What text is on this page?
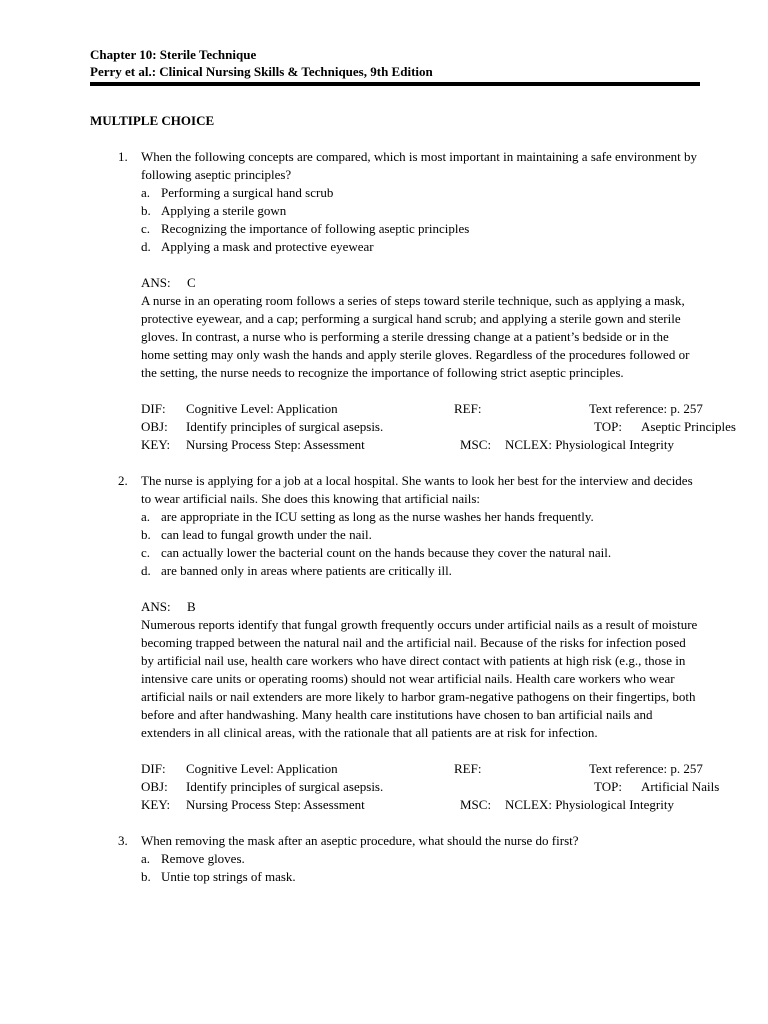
Chapter 10: Sterile Technique
Perry et al.: Clinical Nursing Skills & Techniques, 9th Edition
MULTIPLE CHOICE
1. When the following concepts are compared, which is most important in maintaining a safe environment by following aseptic principles?
a. Performing a surgical hand scrub
b. Applying a sterile gown
c. Recognizing the importance of following aseptic principles
d. Applying a mask and protective eyewear
ANS: C
A nurse in an operating room follows a series of steps toward sterile technique, such as applying a mask, protective eyewear, and a cap; performing a surgical hand scrub; and applying a sterile gown and sterile gloves. In contrast, a nurse who is performing a sterile dressing change at a patient’s bedside or in the home setting may only wash the hands and apply sterile gloves. Regardless of the procedures followed or the setting, the nurse needs to recognize the importance of following strict aseptic principles.
DIF: Cognitive Level: Application	REF:	Text reference: p. 257
OBJ: Identify principles of surgical asepsis.	TOP: Aseptic Principles
KEY: Nursing Process Step: Assessment	MSC: NCLEX: Physiological Integrity
2. The nurse is applying for a job at a local hospital. She wants to look her best for the interview and decides to wear artificial nails. She does this knowing that artificial nails:
a. are appropriate in the ICU setting as long as the nurse washes her hands frequently.
b. can lead to fungal growth under the nail.
c. can actually lower the bacterial count on the hands because they cover the natural nail.
d. are banned only in areas where patients are critically ill.
ANS: B
Numerous reports identify that fungal growth frequently occurs under artificial nails as a result of moisture becoming trapped between the natural nail and the artificial nail. Because of the risks for infection posed by artificial nail use, health care workers who have direct contact with patients at high risk (e.g., those in intensive care units or operating rooms) should not wear artificial nails. Health care workers who wear artificial nails or nail extenders are more likely to harbor gram-negative pathogens on their fingertips, both before and after handwashing. Many health care institutions have chosen to ban artificial nails and extenders in all clinical areas, with the rationale that all patients are at risk for infection.
DIF: Cognitive Level: Application	REF:	Text reference: p. 257
OBJ: Identify principles of surgical asepsis.	TOP: Artificial Nails
KEY: Nursing Process Step: Assessment	MSC: NCLEX: Physiological Integrity
3. When removing the mask after an aseptic procedure, what should the nurse do first?
a. Remove gloves.
b. Untie top strings of mask.
